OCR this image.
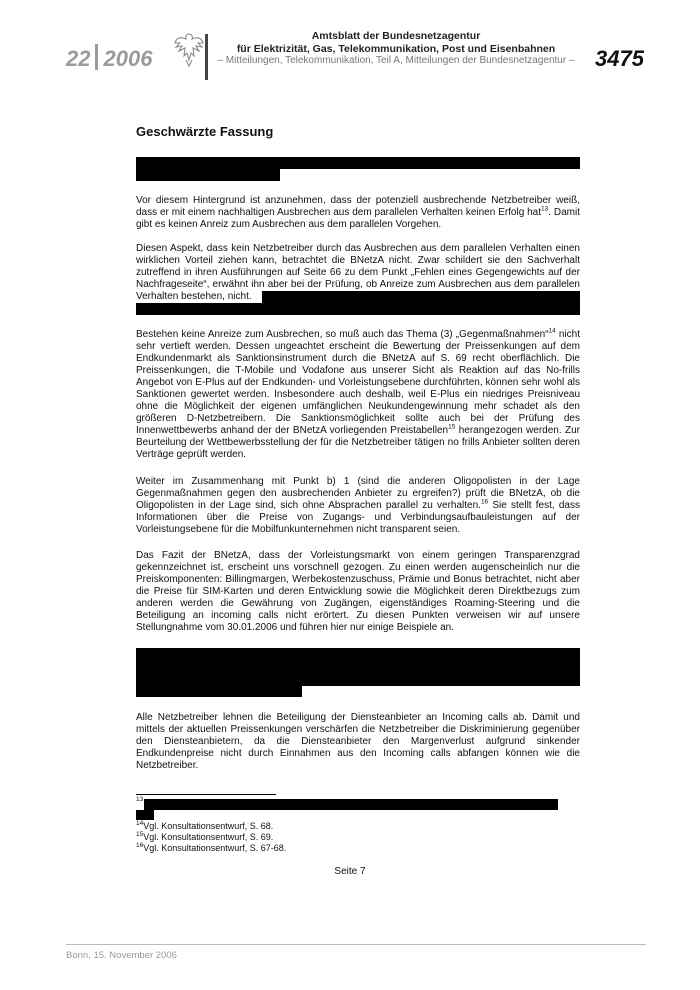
22 2006
Amtsblatt der Bundesnetzagentur
für Elektrizität, Gas, Telekommunikation, Post und Eisenbahnen
– Mitteilungen, Telekommunikation, Teil A, Mitteilungen der Bundesnetzagentur – 3475
Geschwärzte Fassung

Vor diesem Hintergrund ist anzunehmen, dass der potenziell ausbrechende Netzbetreiber weiß, dass er mit einem nachhaltigen Ausbrechen aus dem parallelen Verhalten keinen Erfolg hat$^{13}$. Damit gibt es keinen Anreiz zum Ausbrechen aus dem parallelen Vorgehen.

Diesen Aspekt, dass kein Netzbetreiber durch das Ausbrechen aus dem parallelen Verhalten einen wirklichen Vorteil ziehen kann, betrachtet die BNetzA nicht. Zwar schildert sie den Sachverhalt zutreffend in ihren Ausführungen auf Seite 66 zu dem Punkt „Fehlen eines Gegengewichts auf der Nachfrageseite“, erwähnt ihn aber bei der Prüfung, ob Anreize zum Ausbrechen aus dem parallelen Verhalten bestehen, nicht.

Bestehen keine Anreize zum Ausbrechen, so muß auch das Thema (3) „Gegenmaßnahmen“$^{14}$ nicht sehr vertieft werden. Dessen ungeachtet erscheint die Bewertung der Preissenkungen auf dem Endkundenmarkt als Sanktionsinstrument durch die BNetzA auf S. 69 recht oberflächlich. Die Preissenkungen, die T-Mobile und Vodafone aus unserer Sicht als Reaktion auf das No-frills Angebot von E-Plus auf der Endkunden- und Vorleistungsebene durchführten, können sehr wohl als Sanktionen gewertet werden. Insbesondere auch deshalb, weil E-Plus ein niedriges Preisniveau ohne die Möglichkeit der eigenen umfänglichen Neukundengewinnung mehr schadet als den größeren D-Netzbetreibern. Die Sanktionsmöglichkeit sollte auch bei der Prüfung des Innenwettbewerbs anhand der der BNetzA vorliegenden Preistabellen$^{15}$ herangezogen werden. Zur Beurteilung der Wettbewerbsstellung der für die Netzbetreiber tätigen no frills Anbieter sollten deren Verträge geprüft werden.

Weiter im Zusammenhang mit Punkt b) 1 (sind die anderen Oligopolisten in der Lage Gegenmaßnahmen gegen den ausbrechenden Anbieter zu ergreifen?) prüft die BNetzA, ob die Oligopolisten in der Lage sind, sich ohne Absprachen parallel zu verhalten.$^{16}$ Sie stellt fest, dass Informationen über die Preise von Zugangs- und Verbindungsaufbauleistungen auf der Vorleistungsebene für die Mobilfunkunternehmen nicht transparent seien.

Das Fazit der BNetzA, dass der Vorleistungsmarkt von einem geringen Transparenzgrad gekennzeichnet ist, erscheint uns vorschnell gezogen. Zu einen werden augenscheinlich nur die Preiskomponenten: Billingmargen, Werbekostenzuschuss, Prämie und Bonus betrachtet, nicht aber die Preise für SIM-Karten und deren Entwicklung sowie die Möglichkeit deren Direktbezugs zum anderen werden die Gewährung von Zugängen, eigenständiges Roaming-Steering und die Beteiligung an incoming calls nicht erörtert. Zu diesen Punkten verweisen wir auf unsere Stellungnahme vom 30.01.2006 und führen hier nur einige Beispiele an.

Alle Netzbetreiber lehnen die Beteiligung der Diensteanbieter an Incoming calls ab. Damit und mittels der aktuellen Preissenkungen verschärfen die Netzbetreiber die Diskriminierung gegenüber den Diensteanbietern, da die Diensteanbieter den Margenverlust aufgrund sinkender Endkundenpreise nicht durch Einnahmen aus den Incoming calls abfangen können wie die Netzbetreiber.

$^{13}$
$^{14}$Vgl. Konsultationsentwurf, S. 68.
$^{15}$Vgl. Konsultationsentwurf, S. 69.
$^{16}$Vgl. Konsultationsentwurf, S. 67-68.
Seite 7
Bonn, 15. November 2006
